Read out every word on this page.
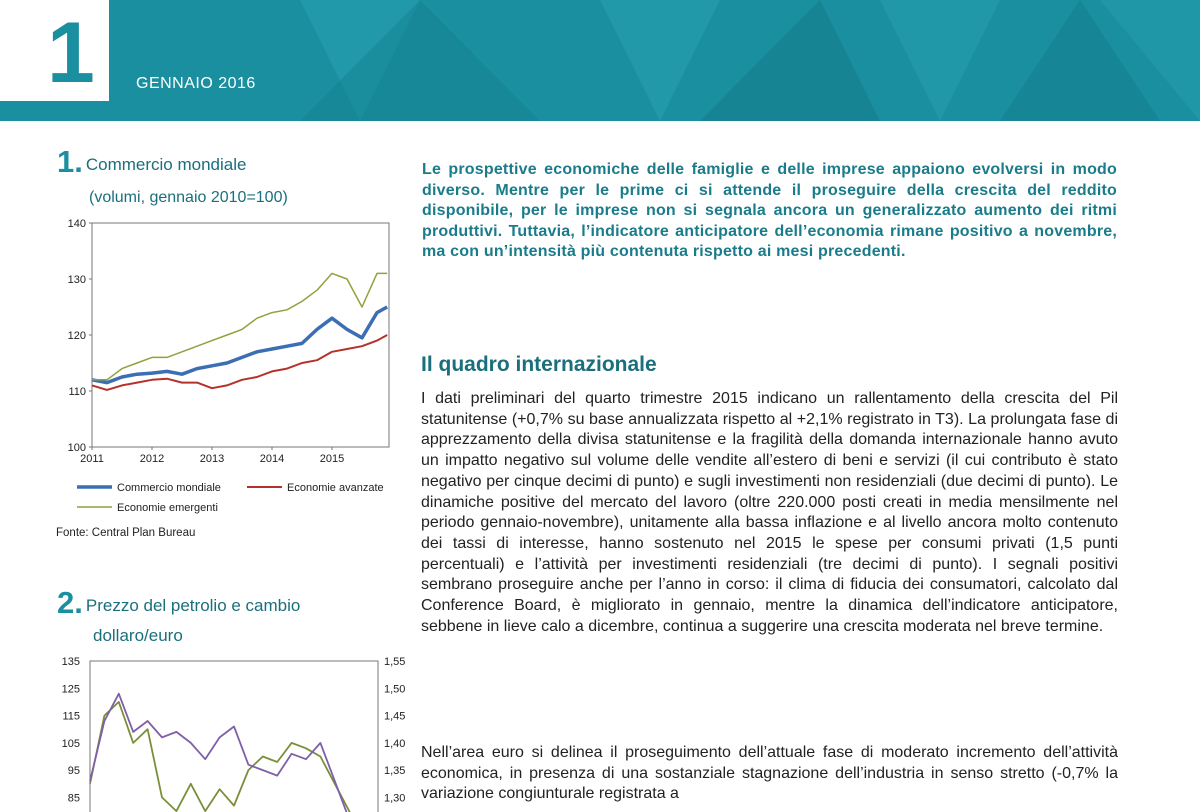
1	GENNAIO 2016
1. Commercio mondiale
(volumi, gennaio 2010=100)
140
130
120
110
100
2011	2012	2013	2014	2015
Commercio mondiale	Economie avanzate
Economie emergenti
Fonte: Central Plan Bureau
2. Prezzo del petrolio e cambio
dollaro/euro
135
125
115
105
95
85
1,55
1,50
1,45
1,40
1,35
1,30
Le prospettive economiche delle famiglie e delle imprese appaiono evolversi in modo diverso. Mentre per le prime ci si attende il proseguire della crescita del reddito disponibile, per le imprese non si segnala ancora un generalizzato aumento dei ritmi produttivi. Tuttavia, l’indicatore anticipatore dell’economia rimane positivo a novembre, ma con un’intensità più contenuta rispetto ai mesi precedenti.
Il quadro internazionale
I dati preliminari del quarto trimestre 2015 indicano un rallentamento della crescita del Pil statunitense (+0,7% su base annualizzata rispetto al +2,1% registrato in T3). La prolungata fase di apprezzamento della divisa statunitense e la fragilità della domanda internazionale hanno avuto un impatto negativo sul volume delle vendite all’estero di beni e servizi (il cui contributo è stato negativo per cinque decimi di punto) e sugli investimenti non residenziali (due decimi di punto). Le dinamiche positive del mercato del lavoro (oltre 220.000 posti creati in media mensilmente nel periodo gennaio-novembre), unitamente alla bassa inflazione e al livello ancora molto contenuto dei tassi di interesse, hanno sostenuto nel 2015 le spese per consumi privati (1,5 punti percentuali) e l’attività per investimenti residenziali (tre decimi di punto). I segnali positivi sembrano proseguire anche per l’anno in corso: il clima di fiducia dei consumatori, calcolato dal Conference Board, è migliorato in gennaio, mentre la dinamica dell’indicatore anticipatore, sebbene in lieve calo a dicembre, continua a suggerire una crescita moderata nel breve termine.
Nell’area euro si delinea il proseguimento dell’attuale fase di moderato incremento dell’attività economica, in presenza di una sostanziale stagnazione dell’industria in senso stretto (-0,7% la variazione congiunturale registrata a
